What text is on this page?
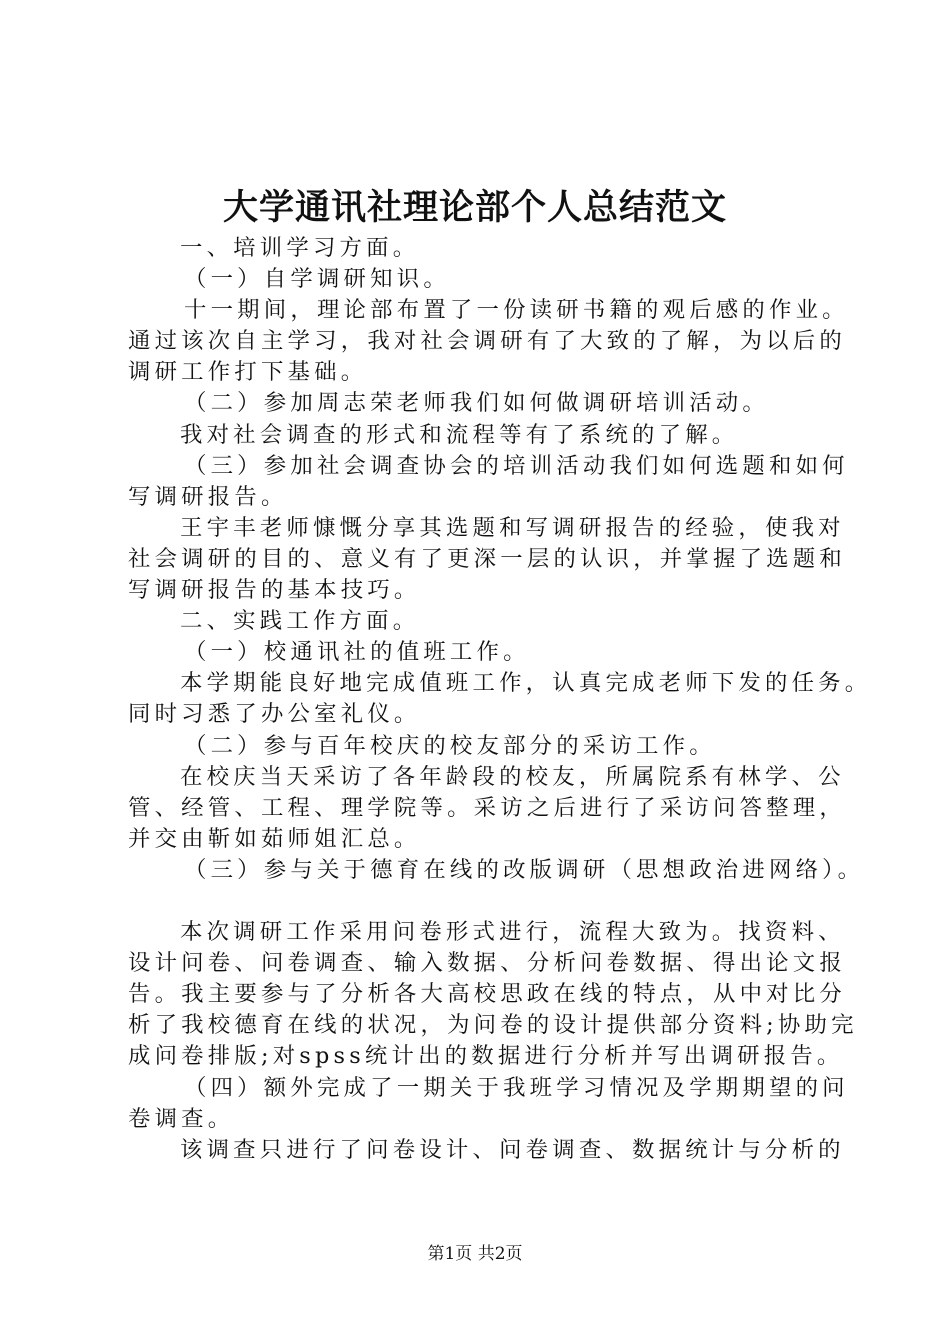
大学通讯社理论部个人总结范文
一、培训学习方面。
（一）自学调研知识。
十一期间，理论部布置了一份读研书籍的观后感的作业。
通过该次自主学习，我对社会调研有了大致的了解，为以后的
调研工作打下基础。
（二）参加周志荣老师我们如何做调研培训活动。
我对社会调查的形式和流程等有了系统的了解。
（三）参加社会调查协会的培训活动我们如何选题和如何
写调研报告。
王宇丰老师慷慨分享其选题和写调研报告的经验，使我对
社会调研的目的、意义有了更深一层的认识，并掌握了选题和
写调研报告的基本技巧。
二、实践工作方面。
（一）校通讯社的值班工作。
本学期能良好地完成值班工作，认真完成老师下发的任务。
同时习悉了办公室礼仪。
（二）参与百年校庆的校友部分的采访工作。
在校庆当天采访了各年龄段的校友，所属院系有林学、公
管、经管、工程、理学院等。采访之后进行了采访问答整理，
并交由靳如茹师姐汇总。
（三）参与关于德育在线的改版调研（思想政治进网络）。
本次调研工作采用问卷形式进行，流程大致为。找资料、
设计问卷、问卷调查、输入数据、分析问卷数据、得出论文报
告。我主要参与了分析各大高校思政在线的特点，从中对比分
析了我校德育在线的状况，为问卷的设计提供部分资料;协助完
成问卷排版;对spss统计出的数据进行分析并写出调研报告。
（四）额外完成了一期关于我班学习情况及学期期望的问
卷调查。
该调查只进行了问卷设计、问卷调查、数据统计与分析的
第1页 共2页
